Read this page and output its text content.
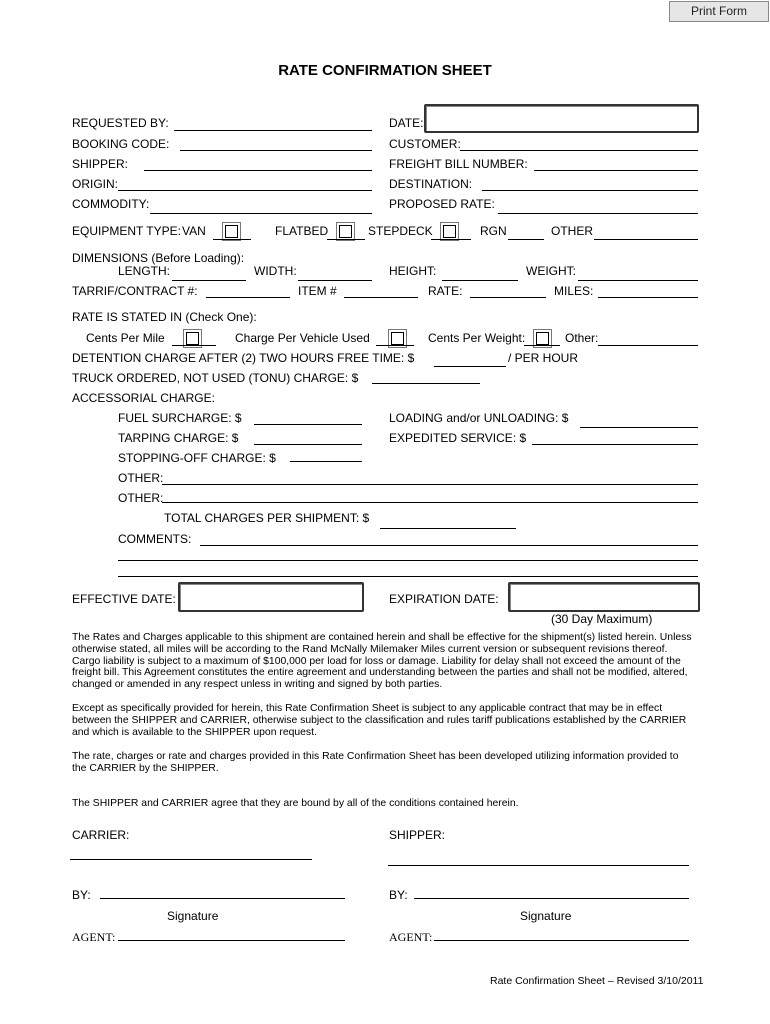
Print Form
RATE CONFIRMATION SHEET
REQUESTED BY:	DATE:
BOOKING CODE:	CUSTOMER:
SHIPPER:	FREIGHT BILL NUMBER:
ORIGIN:	DESTINATION:
COMMODITY:	PROPOSED RATE:
EQUIPMENT TYPE: VAN	FLATBED	STEPDECK	RGN	OTHER
DIMENSIONS (Before Loading):
LENGTH:	WIDTH:	HEIGHT:	WEIGHT:
TARRIF/CONTRACT #:	ITEM #	RATE:	MILES:
RATE IS STATED IN (Check One):
Cents Per Mile	Charge Per Vehicle Used	Cents Per Weight:	Other:
DETENTION CHARGE AFTER (2) TWO HOURS FREE TIME: $	/ PER HOUR
TRUCK ORDERED, NOT USED (TONU) CHARGE: $
ACCESSORIAL CHARGE:
FUEL SURCHARGE: $	LOADING and/or UNLOADING: $
TARPING CHARGE: $	EXPEDITED SERVICE: $
STOPPING-OFF CHARGE: $
OTHER:
OTHER:
TOTAL CHARGES PER SHIPMENT: $
COMMENTS:
EFFECTIVE DATE:	EXPIRATION DATE:
(30 Day Maximum)
The Rates and Charges applicable to this shipment are contained herein and shall be effective for the shipment(s) listed herein. Unless otherwise stated, all miles will be according to the Rand McNally Milemaker Miles current version or subsequent revisions thereof. Cargo liability is subject to a maximum of $100,000 per load for loss or damage. Liability for delay shall not exceed the amount of the freight bill. This Agreement constitutes the entire agreement and understanding between the parties and shall not be modified, altered, changed or amended in any respect unless in writing and signed by both parties.
Except as specifically provided for herein, this Rate Confirmation Sheet is subject to any applicable contract that may be in effect between the SHIPPER and CARRIER, otherwise subject to the classification and rules tariff publications established by the CARRIER and which is available to the SHIPPER upon request.
The rate, charges or rate and charges provided in this Rate Confirmation Sheet has been developed utilizing information provided to the CARRIER by the SHIPPER.
The SHIPPER and CARRIER agree that they are bound by all of the conditions contained herein.
CARRIER:	SHIPPER:
BY:	BY:
Signature	Signature
AGENT:	AGENT:
Rate Confirmation Sheet – Revised 3/10/2011
